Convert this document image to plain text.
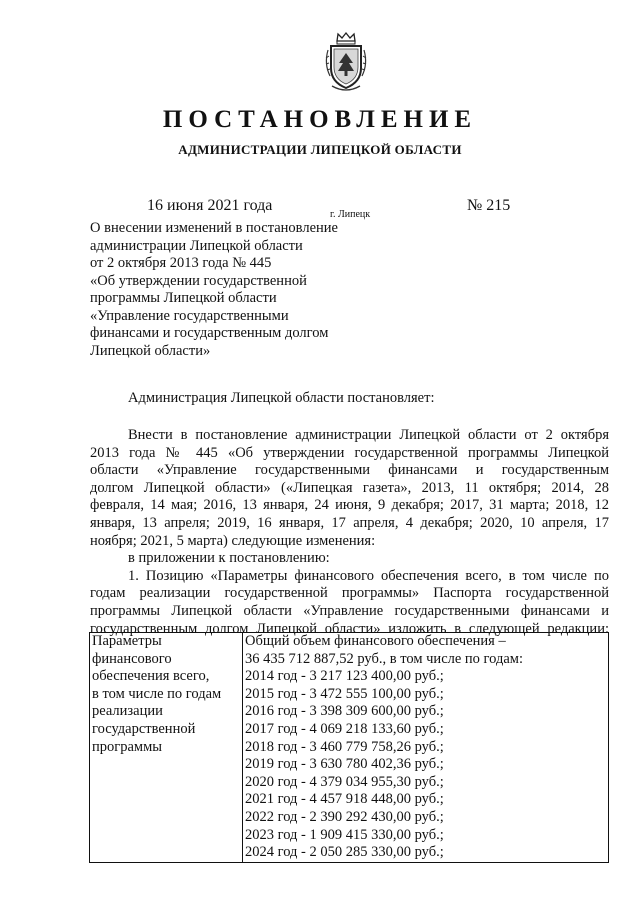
ПОСТАНОВЛЕНИЕ
АДМИНИСТРАЦИИ ЛИПЕЦКОЙ ОБЛАСТИ
16 июня 2021 года
г. Липецк
№ 215
О внесении изменений в постановление
администрации Липецкой области
от 2 октября 2013 года № 445
«Об утверждении государственной
программы Липецкой области
«Управление государственными
финансами и государственным долгом
Липецкой области»
Администрация Липецкой области постановляет:
Внести в постановление администрации Липецкой области от 2 октября
2013 года № 445 «Об утверждении государственной программы Липецкой
области «Управление государственными финансами и государственным
долгом Липецкой области» («Липецкая газета», 2013, 11 октября; 2014, 28
февраля, 14 мая; 2016, 13 января, 24 июня, 9 декабря; 2017, 31 марта; 2018, 12
января, 13 апреля; 2019, 16 января, 17 апреля, 4 декабря; 2020, 10 апреля, 17
ноября; 2021, 5 марта) следующие изменения:
в приложении к постановлению:
1. Позицию «Параметры финансового обеспечения всего, в том числе по
годам реализации государственной программы» Паспорта государственной
программы Липецкой области «Управление государственными финансами и
государственным долгом Липецкой области» изложить в следующей редакции:
Параметры
финансового
обеспечения всего,
в том числе по годам
реализации
государственной
программы

Общий объем финансового обеспечения –
36 435 712 887,52 руб., в том числе по годам:
2014 год - 3 217 123 400,00 руб.;
2015 год - 3 472 555 100,00 руб.;
2016 год - 3 398 309 600,00 руб.;
2017 год - 4 069 218 133,60 руб.;
2018 год - 3 460 779 758,26 руб.;
2019 год - 3 630 780 402,36 руб.;
2020 год - 4 379 034 955,30 руб.;
2021 год - 4 457 918 448,00 руб.;
2022 год - 2 390 292 430,00 руб.;
2023 год - 1 909 415 330,00 руб.;
2024 год - 2 050 285 330,00 руб.;
